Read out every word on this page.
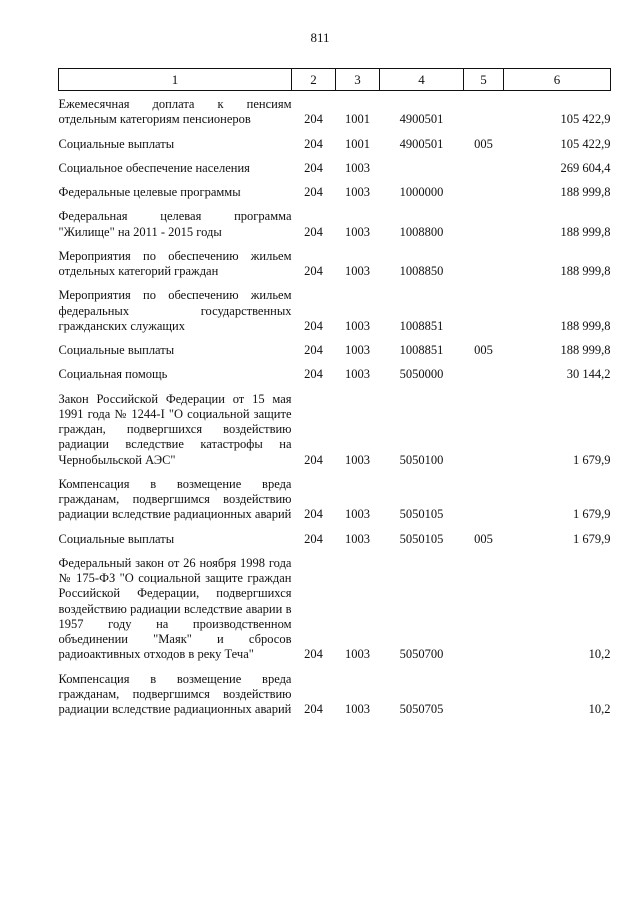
811
1	2	3	4	5	6

Ежемесячная доплата к пенсиям отдельным категориям пенсионеров	204	1001	4900501		105 422,9

Социальные выплаты	204	1001	4900501	005	105 422,9

Социальное обеспечение населения	204	1003			269 604,4

Федеральные целевые программы	204	1003	1000000		188 999,8

Федеральная целевая программа "Жилище" на 2011 - 2015 годы	204	1003	1008800		188 999,8

Мероприятия по обеспечению жильем отдельных категорий граждан	204	1003	1008850		188 999,8

Мероприятия по обеспечению жильем федеральных государственных гражданских служащих	204	1003	1008851		188 999,8

Социальные выплаты	204	1003	1008851	005	188 999,8

Социальная помощь	204	1003	5050000		30 144,2

Закон Российской Федерации от 15 мая 1991 года № 1244-I "О социальной защите граждан, подвергшихся воздействию радиации вследствие катастрофы на Чернобыльской АЭС"	204	1003	5050100		1 679,9

Компенсация в возмещение вреда гражданам, подвергшимся воздействию радиации вследствие радиационных аварий	204	1003	5050105		1 679,9

Социальные выплаты	204	1003	5050105	005	1 679,9

Федеральный закон от 26 ноября 1998 года № 175-ФЗ "О социальной защите граждан Российской Федерации, подвергшихся воздействию радиации вследствие аварии в 1957 году на производственном объединении "Маяк" и сбросов радиоактивных отходов в реку Теча"	204	1003	5050700		10,2

Компенсация в возмещение вреда гражданам, подвергшимся воздействию радиации вследствие радиационных аварий	204	1003	5050705		10,2
